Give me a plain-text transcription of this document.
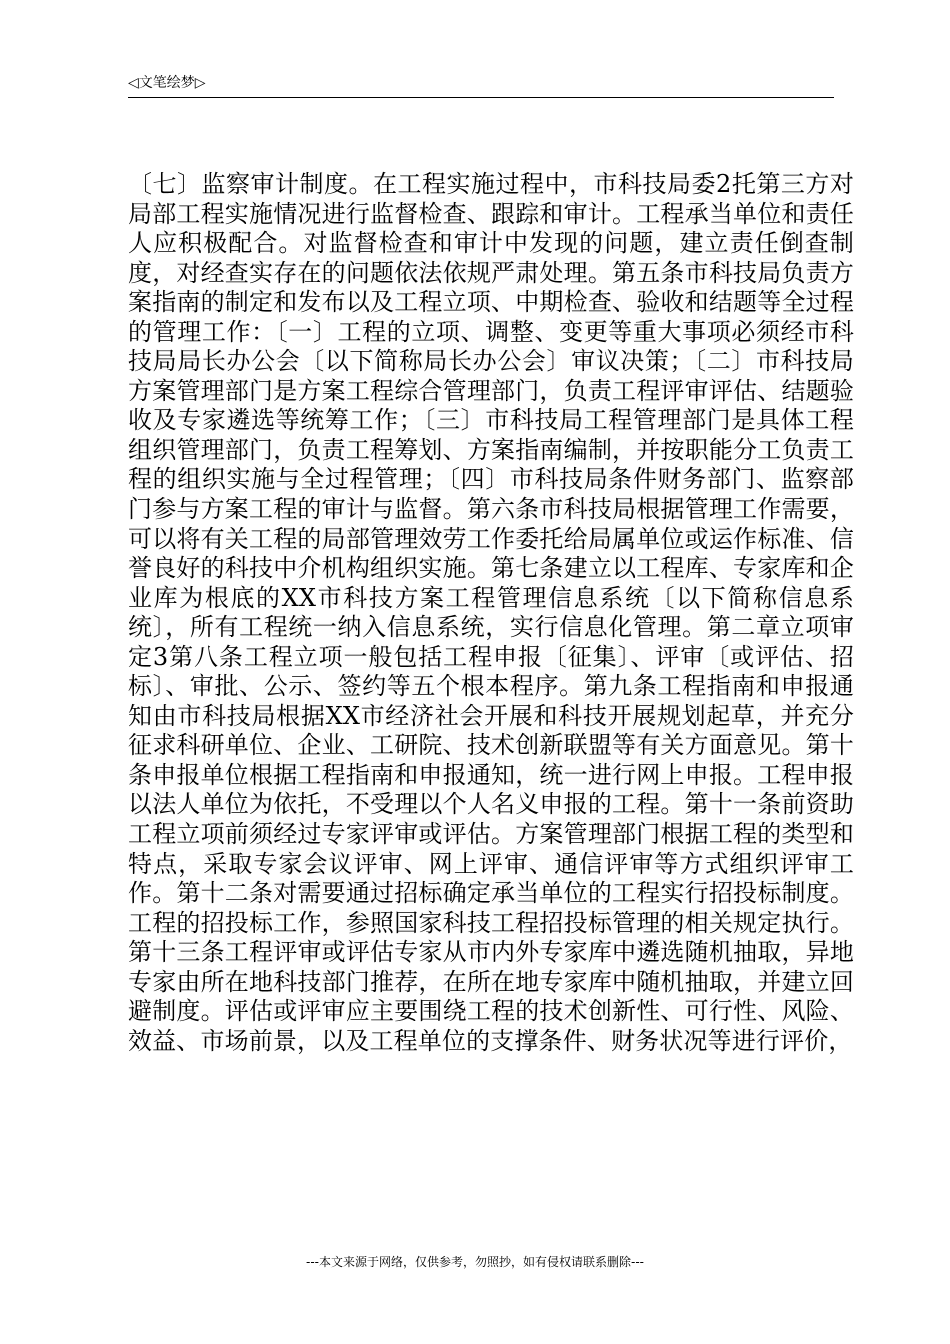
◁文笔绘梦▷

〔七〕监察审计制度。在工程实施过程中，市科技局委2托第三方对局部工程实施情况进行监督检查、跟踪和审计。工程承当单位和责任人应积极配合。对监督检查和审计中发现的问题，建立责任倒查制度，对经查实存在的问题依法依规严肃处理。第五条市科技局负责方案指南的制定和发布以及工程立项、中期检查、验收和结题等全过程的管理工作：〔一〕工程的立项、调整、变更等重大事项必须经市科技局局长办公会〔以下简称局长办公会〕审议决策；〔二〕市科技局方案管理部门是方案工程综合管理部门，负责工程评审评估、结题验收及专家遴选等统筹工作；〔三〕市科技局工程管理部门是具体工程组织管理部门，负责工程筹划、方案指南编制，并按职能分工负责工程的组织实施与全过程管理；〔四〕市科技局条件财务部门、监察部门参与方案工程的审计与监督。第六条市科技局根据管理工作需要，可以将有关工程的局部管理效劳工作委托给局属单位或运作标准、信誉良好的科技中介机构组织实施。第七条建立以工程库、专家库和企业库为根底的XX市科技方案工程管理信息系统〔以下简称信息系统〕，所有工程统一纳入信息系统，实行信息化管理。第二章立项审定3第八条工程立项一般包括工程申报〔征集〕、评审〔或评估、招标〕、审批、公示、签约等五个根本程序。第九条工程指南和申报通知由市科技局根据XX市经济社会开展和科技开展规划起草，并充分征求科研单位、企业、工研院、技术创新联盟等有关方面意见。第十条申报单位根据工程指南和申报通知，统一进行网上申报。工程申报以法人单位为依托，不受理以个人名义申报的工程。第十一条前资助工程立项前须经过专家评审或评估。方案管理部门根据工程的类型和特点，采取专家会议评审、网上评审、通信评审等方式组织评审工作。第十二条对需要通过招标确定承当单位的工程实行招投标制度。工程的招投标工作，参照国家科技工程招投标管理的相关规定执行。第十三条工程评审或评估专家从市内外专家库中遴选随机抽取，异地专家由所在地科技部门推荐，在所在地专家库中随机抽取，并建立回避制度。评估或评审应主要围绕工程的技术创新性、可行性、风险、效益、市场前景，以及工程单位的支撑条件、财务状况等进行评价，

---本文来源于网络，仅供参考，勿照抄，如有侵权请联系删除---
